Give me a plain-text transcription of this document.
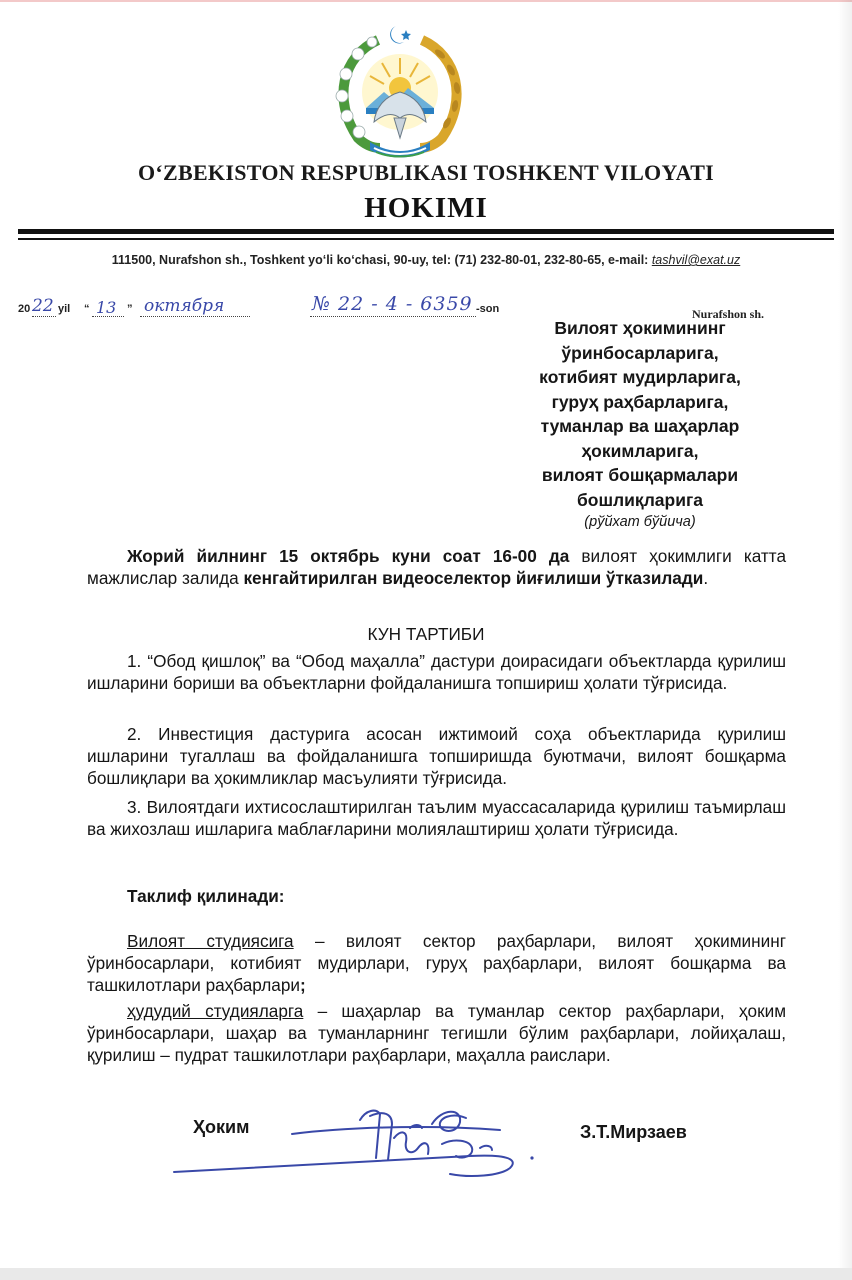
O‘ZBEKISTON RESPUBLIKASI TOSHKENT VILOYATI
HOKIMI
111500, Nurafshon sh., Toshkent yo‘li ko‘chasi, 90-uy, tel: (71) 232-80-01, 232-80-65, e-mail: tashvil@exat.uz
20 22 yil “ 13 ” октября	№ 22 - 4 - 6359 -son	Nurafshon sh.
Вилоят ҳокимининг
ўринбосарларига,
котибият мудирларига,
гуруҳ раҳбарларига,
туманлар ва шаҳарлар
ҳокимларига,
вилоят бошқармалари
бошлиқларига
(рўйхат бўйича)
Жорий йилнинг 15 октябрь куни соат 16-00 да вилоят ҳокимлиги катта мажлислар залида кенгайтирилган видеоселектор йиғилиши ўтказилади.
КУН ТАРТИБИ
1. “Обод қишлоқ” ва “Обод маҳалла” дастури доирасидаги объектларда қурилиш ишларини бориши ва объектларни фойдаланишга топшириш ҳолати тўғрисида.
2. Инвестиция дастурига асосан ижтимоий соҳа объектларида қурилиш ишларини тугаллаш ва фойдаланишга топширишда буютмачи, вилоят бошқарма бошлиқлари ва ҳокимликлар масъулияти тўғрисида.
3. Вилоятдаги ихтисослаштирилган таълим муассасаларида қурилиш таъмирлаш ва жихозлаш ишларига маблағларини молиялаштириш ҳолати тўғрисида.
Таклиф қилинади:
Вилоят студиясига – вилоят сектор раҳбарлари, вилоят ҳокимининг ўринбосарлари, котибият мудирлари, гуруҳ раҳбарлари, вилоят бошқарма ва ташкилотлари раҳбарлари;
ҳудудий студияларга – шаҳарлар ва туманлар сектор раҳбарлари, ҳоким ўринбосарлари, шаҳар ва туманларнинг тегишли бўлим раҳбарлари, лойиҳалаш, қурилиш – пудрат ташкилотлари раҳбарлари, маҳалла раислари.
Ҳоким	З.Т.Мирзаев
